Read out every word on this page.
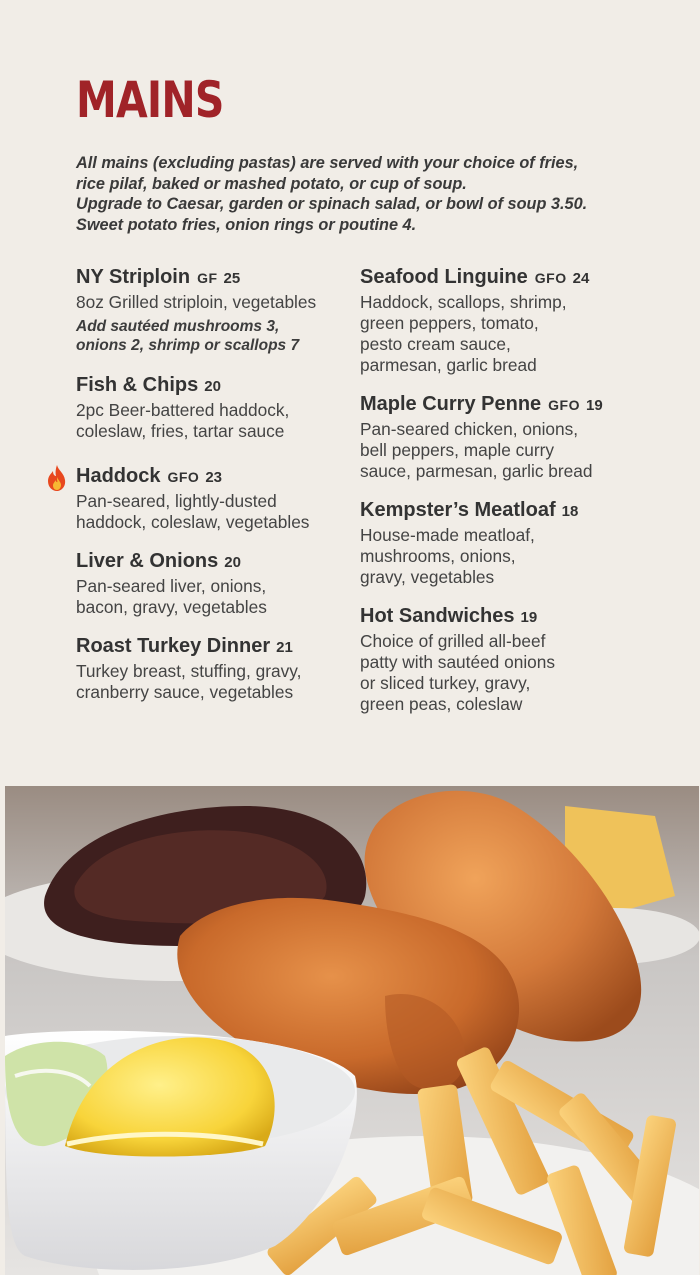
MAINS
All mains (excluding pastas) are served with your choice of fries,
rice pilaf, baked or mashed potato, or cup of soup.
Upgrade to Caesar, garden or spinach salad, or bowl of soup 3.50.
Sweet potato fries, onion rings or poutine 4.
NY Striploin GF 25
8oz Grilled striploin, vegetables
Add sautéed mushrooms 3,
onions 2, shrimp or scallops 7
Fish & Chips 20
2pc Beer-battered haddock,
coleslaw, fries, tartar sauce
Haddock GFO 23
Pan-seared, lightly-dusted
haddock, coleslaw, vegetables
Liver & Onions 20
Pan-seared liver, onions,
bacon, gravy, vegetables
Roast Turkey Dinner 21
Turkey breast, stuffing, gravy,
cranberry sauce, vegetables
Seafood Linguine GFO 24
Haddock, scallops, shrimp,
green peppers, tomato,
pesto cream sauce,
parmesan, garlic bread
Maple Curry Penne GFO 19
Pan-seared chicken, onions,
bell peppers, maple curry
sauce, parmesan, garlic bread
Kempster’s Meatloaf 18
House-made meatloaf,
mushrooms, onions,
gravy, vegetables
Hot Sandwiches 19
Choice of grilled all-beef
patty with sautéed onions
or sliced turkey, gravy,
green peas, coleslaw
